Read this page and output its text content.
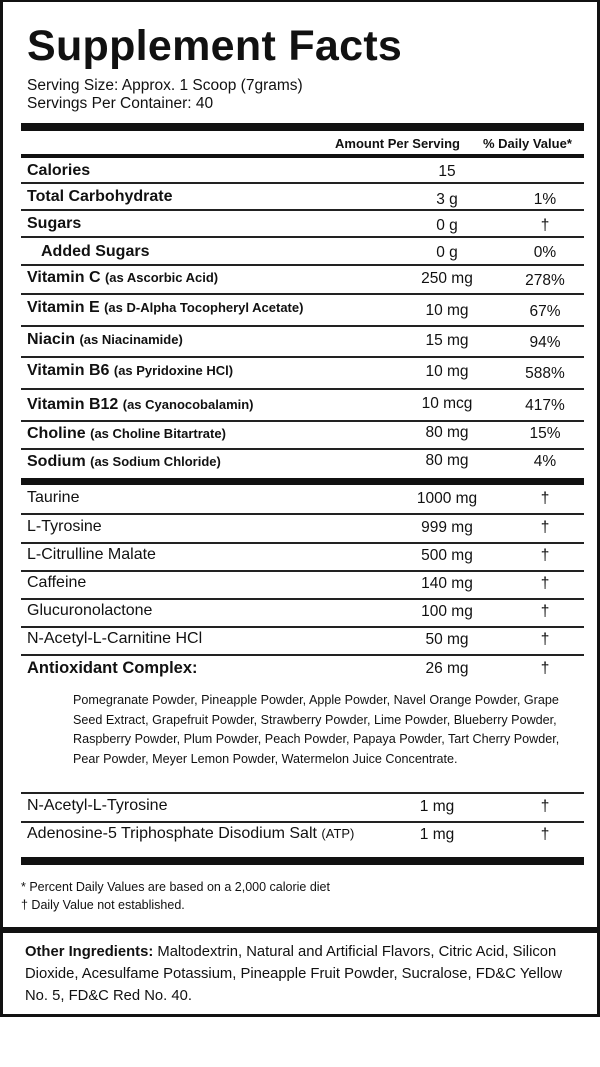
Supplement Facts
Serving Size: Approx. 1 Scoop (7grams)
Servings Per Container: 40
Amount Per Serving % Daily Value*
Calories	15
Total Carbohydrate	3 g	1%
Sugars	0 g	†
Added Sugars	0 g	0%
Vitamin C (as Ascorbic Acid)	250 mg	278%
Vitamin E (as D-Alpha Tocopheryl Acetate)	10 mg	67%
Niacin (as Niacinamide)	15 mg	94%
Vitamin B6 (as Pyridoxine HCl)	10 mg	588%
Vitamin B12 (as Cyanocobalamin)	10 mcg	417%
Choline (as Choline Bitartrate)	80 mg	15%
Sodium (as Sodium Chloride)	80 mg	4%
Taurine	1000 mg	†
L-Tyrosine	999 mg	†
L-Citrulline Malate	500 mg	†
Caffeine	140 mg	†
Glucuronolactone	100 mg	†
N-Acetyl-L-Carnitine HCl	50 mg	†
Antioxidant Complex:	26 mg	†
Pomegranate Powder, Pineapple Powder, Apple Powder, Navel Orange Powder, Grape Seed Extract, Grapefruit Powder, Strawberry Powder, Lime Powder, Blueberry Powder, Raspberry Powder, Plum Powder, Peach Powder, Papaya Powder, Tart Cherry Powder, Pear Powder, Meyer Lemon Powder, Watermelon Juice Concentrate.
N-Acetyl-L-Tyrosine	1 mg	†
Adenosine-5 Triphosphate Disodium Salt (ATP)	1 mg	†
* Percent Daily Values are based on a 2,000 calorie diet
† Daily Value not established.
Other Ingredients: Maltodextrin, Natural and Artificial Flavors, Citric Acid, Silicon Dioxide, Acesulfame Potassium, Pineapple Fruit Powder, Sucralose, FD&C Yellow No. 5, FD&C Red No. 40.
